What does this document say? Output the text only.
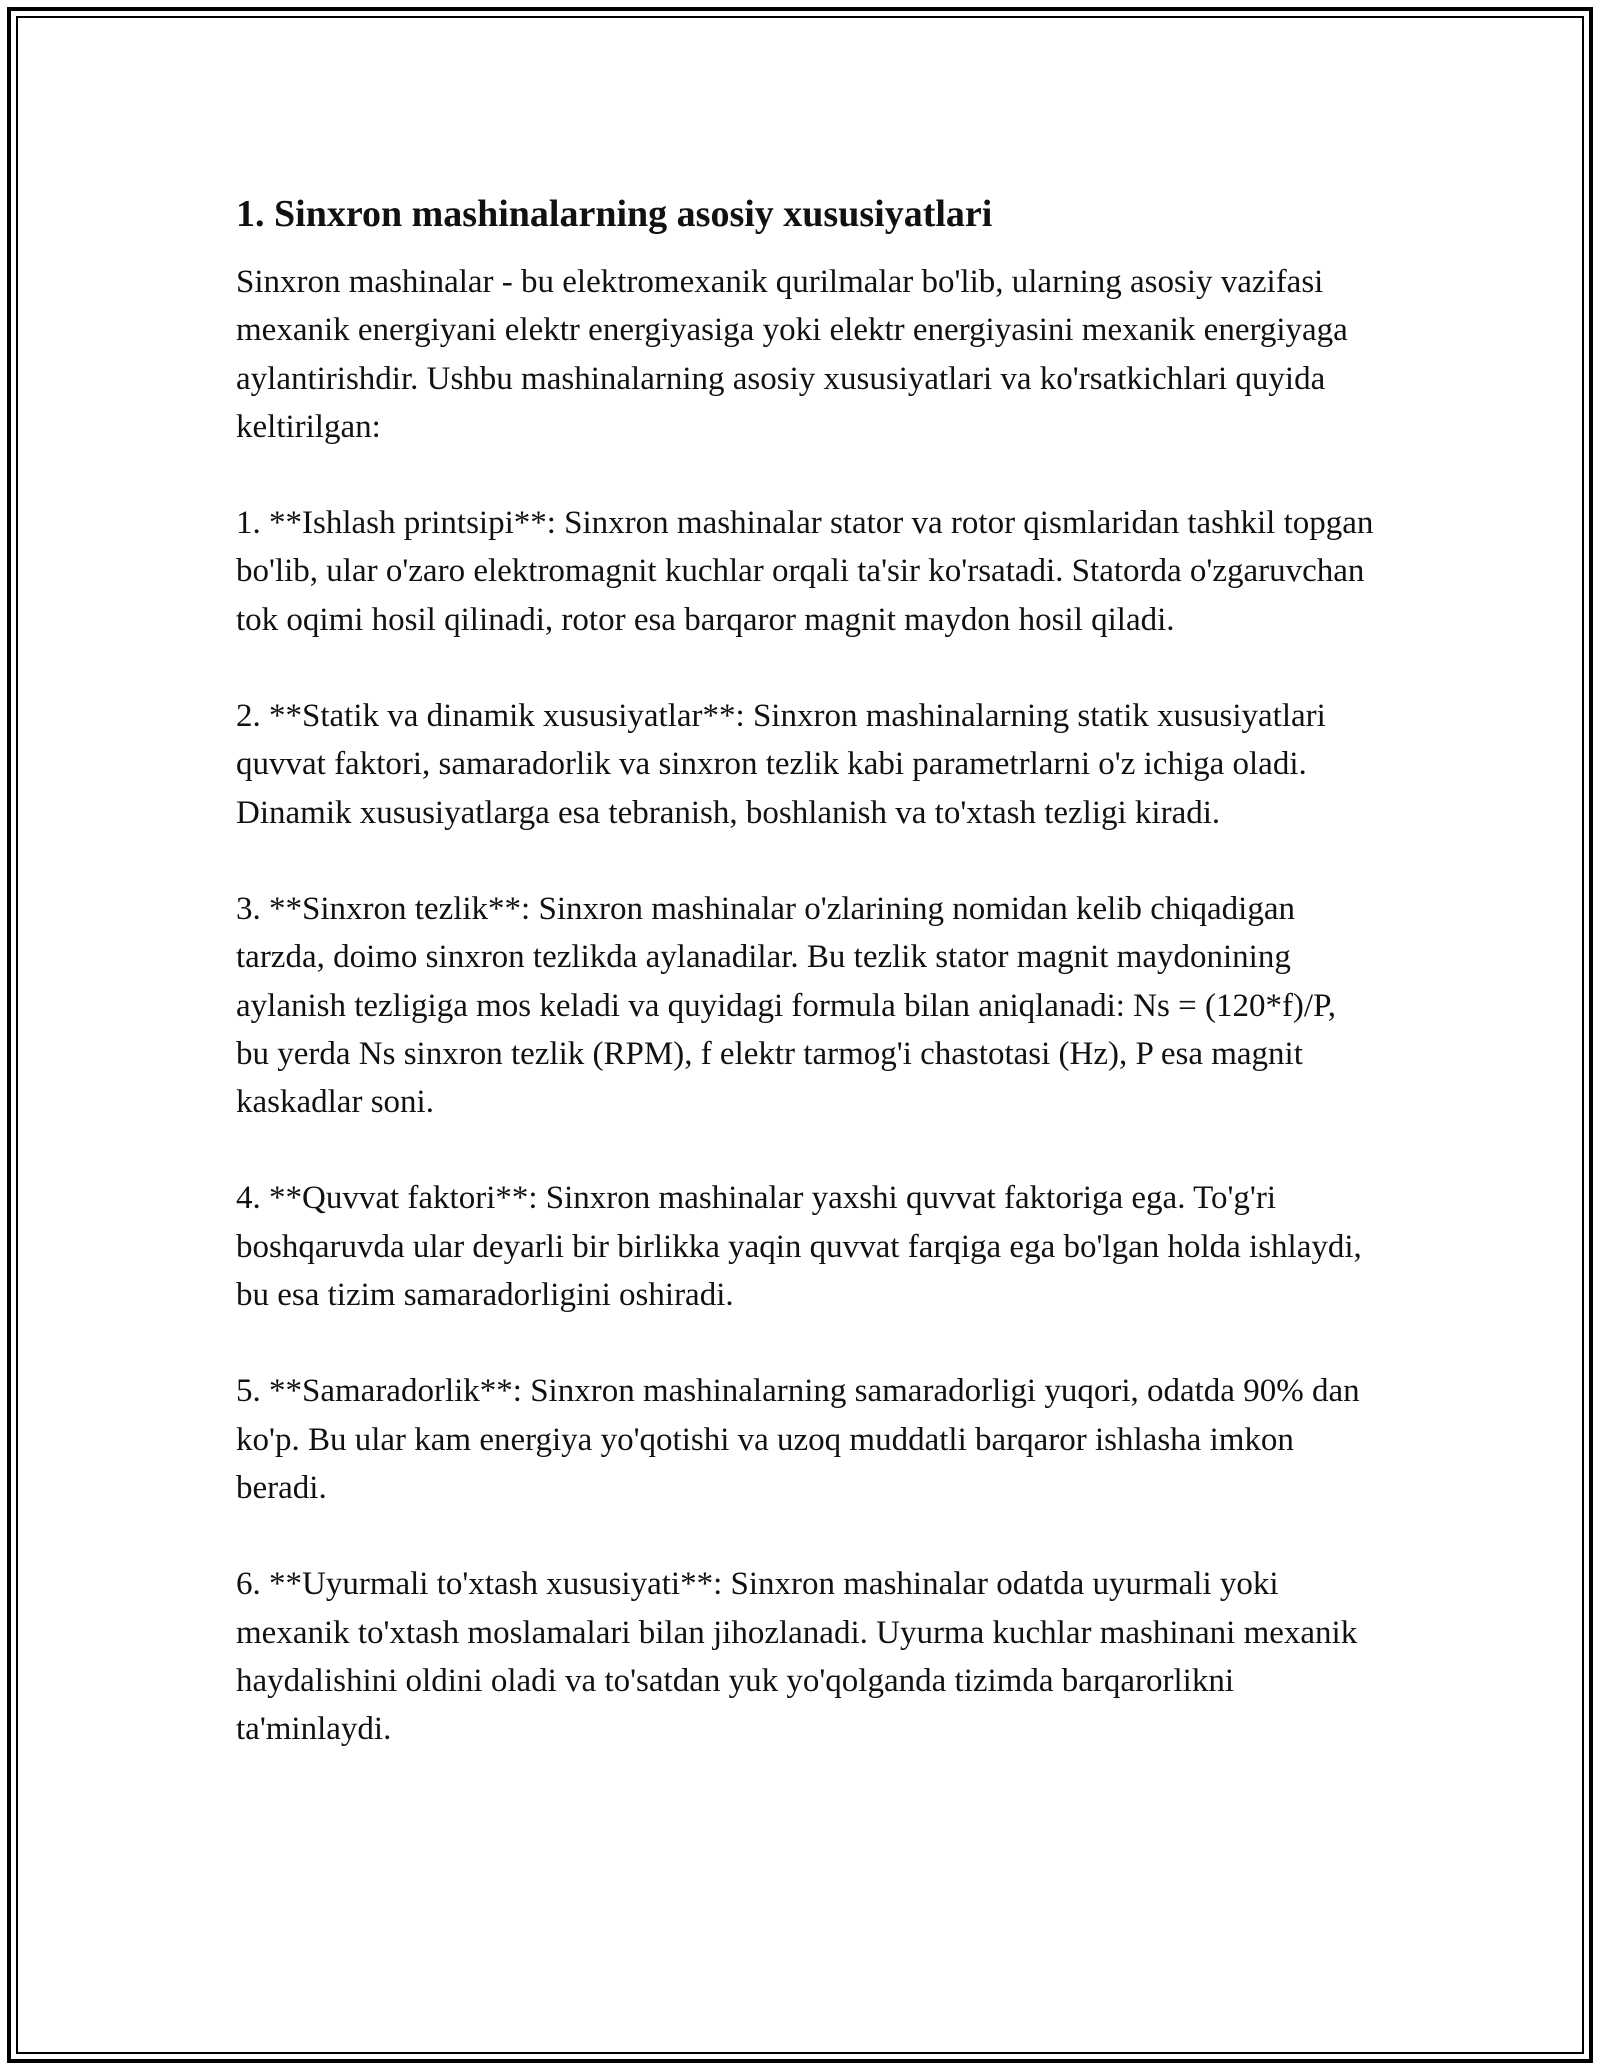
1. Sinxron mashinalarning asosiy xususiyatlari

Sinxron mashinalar - bu elektromexanik qurilmalar bo'lib, ularning asosiy vazifasi mexanik energiyani elektr energiyasiga yoki elektr energiyasini mexanik energiyaga aylantirishdir. Ushbu mashinalarning asosiy xususiyatlari va ko'rsatkichlari quyida keltirilgan:

1. **Ishlash printsipi**: Sinxron mashinalar stator va rotor qismlaridan tashkil topgan bo'lib, ular o'zaro elektromagnit kuchlar orqali ta'sir ko'rsatadi. Statorda o'zgaruvchan tok oqimi hosil qilinadi, rotor esa barqaror magnit maydon hosil qiladi.

2. **Statik va dinamik xususiyatlar**: Sinxron mashinalarning statik xususiyatlari quvvat faktori, samaradorlik va sinxron tezlik kabi parametrlarni o'z ichiga oladi. Dinamik xususiyatlarga esa tebranish, boshlanish va to'xtash tezligi kiradi.

3. **Sinxron tezlik**: Sinxron mashinalar o'zlarining nomidan kelib chiqadigan tarzda, doimo sinxron tezlikda aylanadilar. Bu tezlik stator magnit maydonining aylanish tezligiga mos keladi va quyidagi formula bilan aniqlanadi: Ns = (120*f)/P, bu yerda Ns sinxron tezlik (RPM), f elektr tarmog'i chastotasi (Hz), P esa magnit kaskadlar soni.

4. **Quvvat faktori**: Sinxron mashinalar yaxshi quvvat faktoriga ega. To'g'ri boshqaruvda ular deyarli bir birlikka yaqin quvvat farqiga ega bo'lgan holda ishlaydi, bu esa tizim samaradorligini oshiradi.

5. **Samaradorlik**: Sinxron mashinalarning samaradorligi yuqori, odatda 90% dan ko'p. Bu ular kam energiya yo'qotishi va uzoq muddatli barqaror ishlasha imkon beradi.

6. **Uyurmali to'xtash xususiyati**: Sinxron mashinalar odatda uyurmali yoki mexanik to'xtash moslamalari bilan jihozlanadi. Uyurma kuchlar mashinani mexanik haydalishini oldini oladi va to'satdan yuk yo'qolganda tizimda barqarorlikni ta'minlaydi.
